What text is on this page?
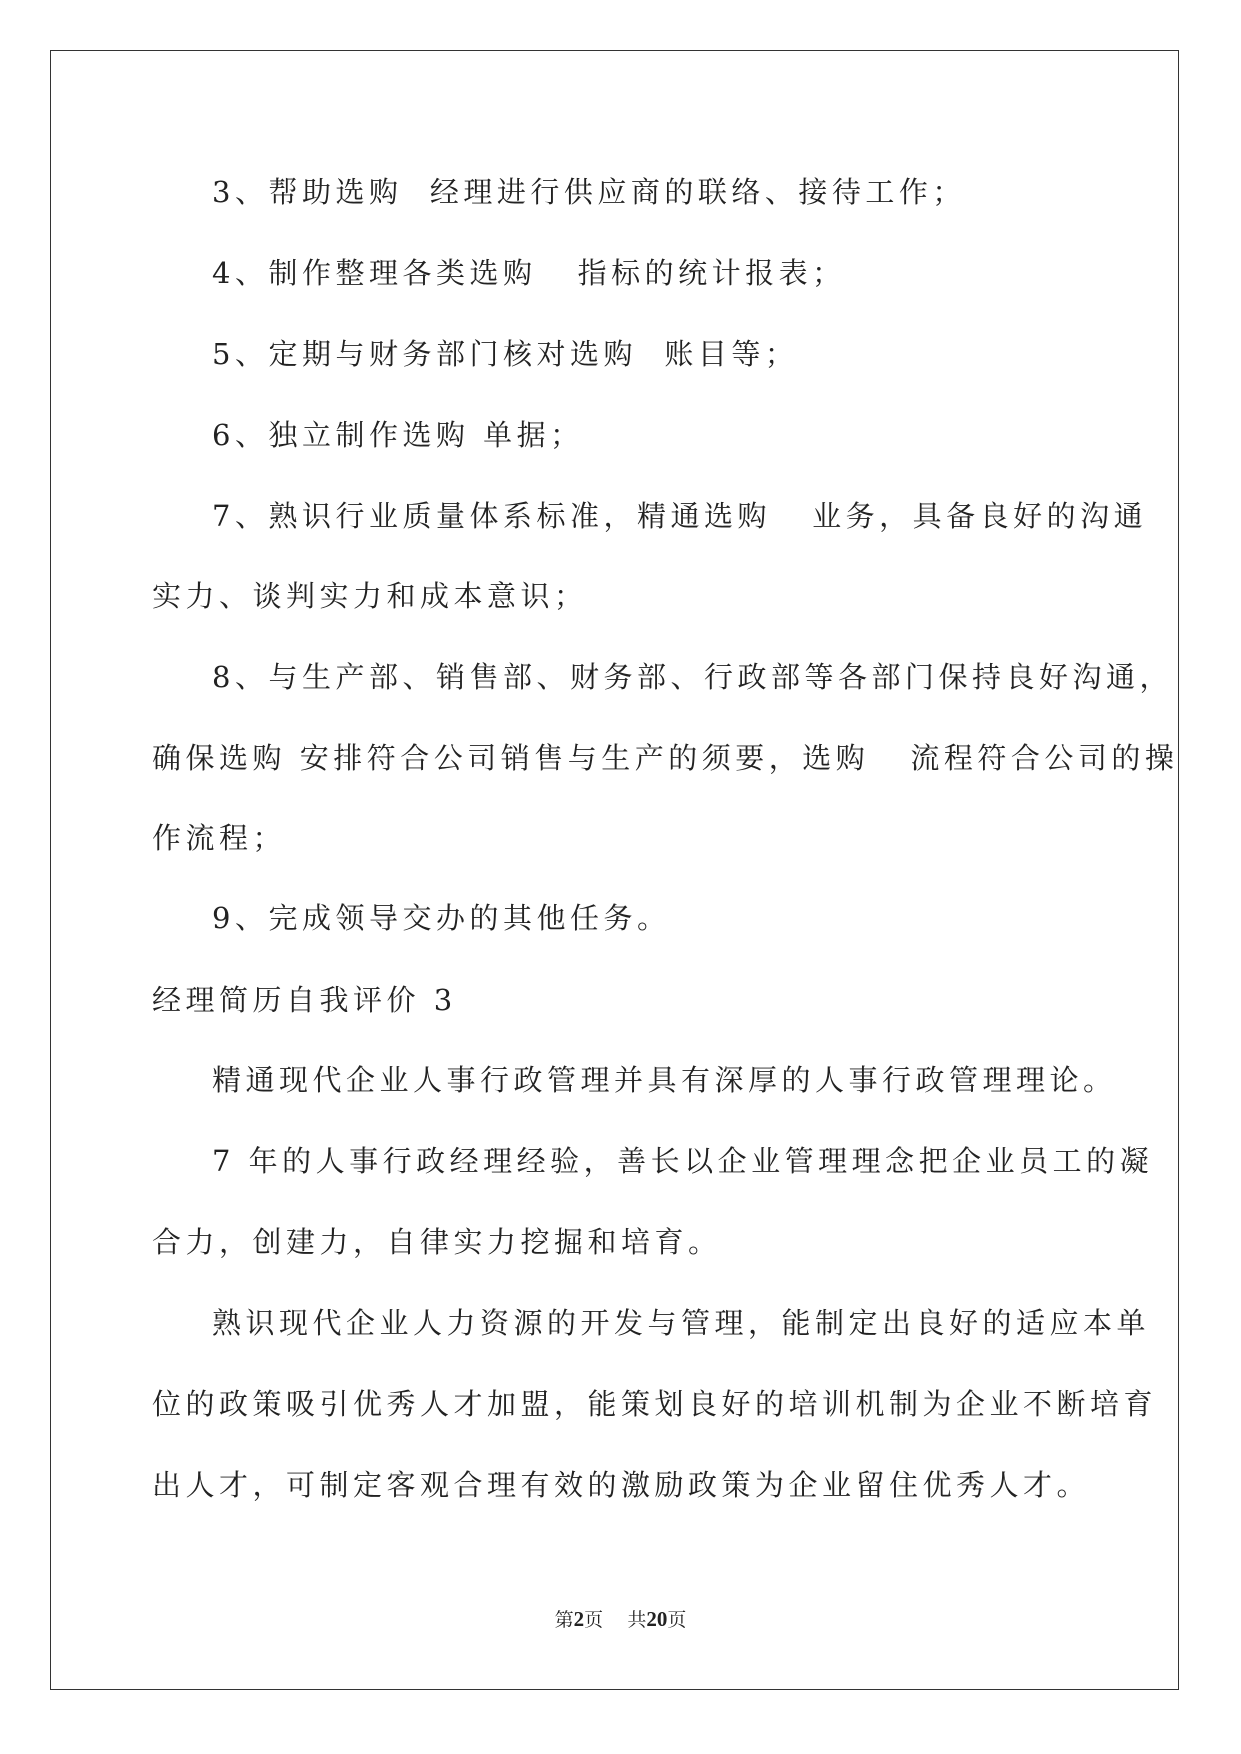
3、帮助选购  经理进行供应商的联络、接待工作；
4、制作整理各类选购   指标的统计报表；
5、定期与财务部门核对选购  账目等；
6、独立制作选购 单据；
7、熟识行业质量体系标准，精通选购   业务，具备良好的沟通
实力、谈判实力和成本意识；
8、与生产部、销售部、财务部、行政部等各部门保持良好沟通，
确保选购 安排符合公司销售与生产的须要，选购   流程符合公司的操
作流程；
9、完成领导交办的其他任务。
经理简历自我评价 3
精通现代企业人事行政管理并具有深厚的人事行政管理理论。
7 年的人事行政经理经验，善长以企业管理理念把企业员工的凝
合力，创建力，自律实力挖掘和培育。
熟识现代企业人力资源的开发与管理，能制定出良好的适应本单
位的政策吸引优秀人才加盟，能策划良好的培训机制为企业不断培育
出人才，可制定客观合理有效的激励政策为企业留住优秀人才。
第2页 共20页
